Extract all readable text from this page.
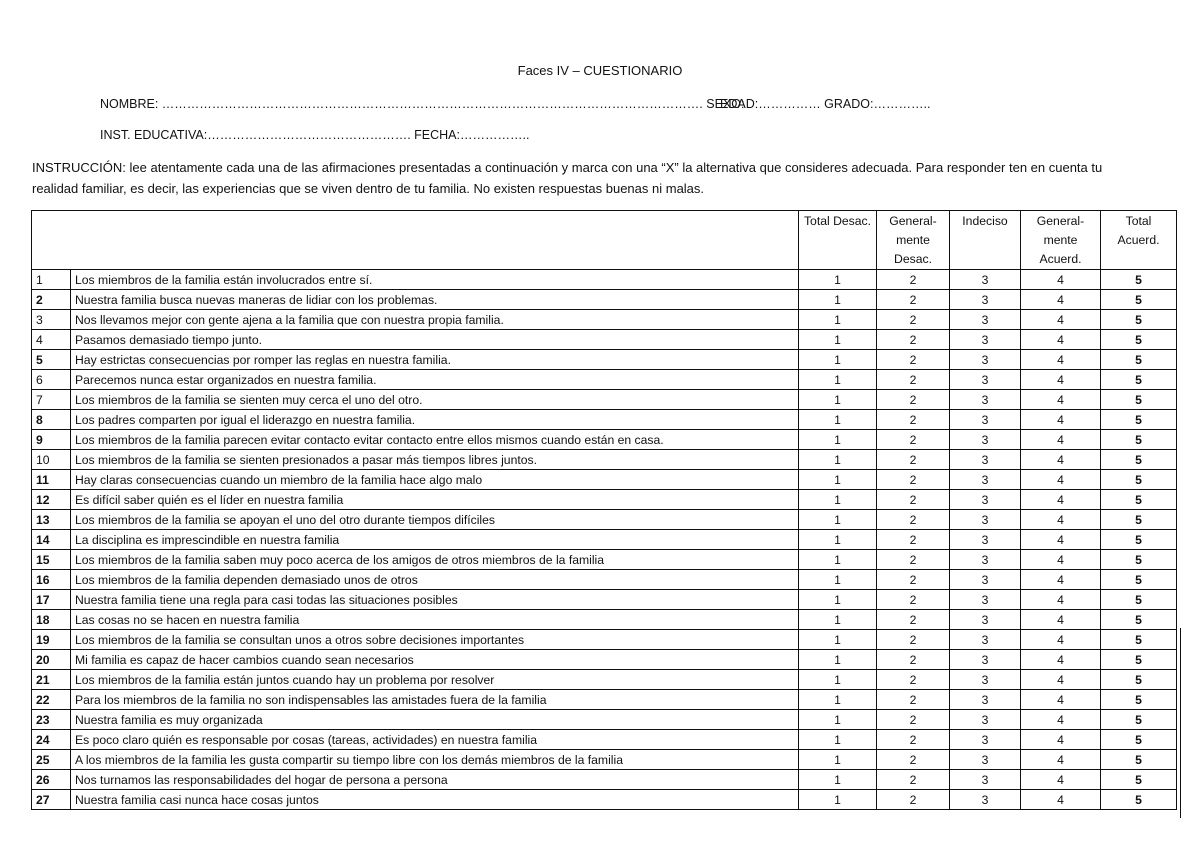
Faces IV – CUESTIONARIO
NOMBRE: …………………………………………………………………………………………………………………. SEXO:
EDAD:…………… GRADO:…………..
INST. EDUCATIVA:…………………………………………. FECHA:……………..
INSTRUCCIÓN: lee atentamente cada una de las afirmaciones presentadas a continuación y marca con una “X” la alternativa que consideres adecuada. Para responder ten en cuenta tu realidad familiar, es decir, las experiencias que se viven dentro de tu familia. No existen respuestas buenas ni malas.
		Total Desac.	General-mente Desac.	Indeciso	General-mente Acuerd.	Total Acuerd.
1	Los miembros de la familia están involucrados entre sí.	1	2	3	4	5
2	Nuestra familia busca nuevas maneras de lidiar con los problemas.	1	2	3	4	5
3	Nos llevamos mejor con gente ajena a la familia que con nuestra propia familia.	1	2	3	4	5
4	Pasamos demasiado tiempo junto.	1	2	3	4	5
5	Hay estrictas consecuencias por romper las reglas en nuestra familia.	1	2	3	4	5
6	Parecemos nunca estar organizados en nuestra familia.	1	2	3	4	5
7	Los miembros de la familia se sienten muy cerca el uno del otro.	1	2	3	4	5
8	Los padres comparten por igual el liderazgo en nuestra familia.	1	2	3	4	5
9	Los miembros de la familia parecen evitar contacto evitar contacto entre ellos mismos cuando están en casa.	1	2	3	4	5
10	Los miembros de la familia se sienten presionados a pasar más tiempos libres juntos.	1	2	3	4	5
11	Hay claras consecuencias cuando un miembro de la familia hace algo malo	1	2	3	4	5
12	Es difícil saber quién es el líder en nuestra familia	1	2	3	4	5
13	Los miembros de la familia se apoyan el uno del otro durante tiempos difíciles	1	2	3	4	5
14	La disciplina es imprescindible en nuestra familia	1	2	3	4	5
15	Los miembros de la familia saben muy poco acerca de los amigos de otros miembros de la familia	1	2	3	4	5
16	Los miembros de la familia dependen demasiado unos de otros	1	2	3	4	5
17	Nuestra familia tiene una regla para casi todas las situaciones posibles	1	2	3	4	5
18	Las cosas no se hacen en nuestra familia	1	2	3	4	5
19	Los miembros de la familia se consultan unos a otros sobre decisiones importantes	1	2	3	4	5
20	Mi familia es capaz de hacer cambios cuando sean necesarios	1	2	3	4	5
21	Los miembros de la familia están juntos cuando hay un problema por resolver	1	2	3	4	5
22	Para los miembros de la familia no son indispensables las amistades fuera de la familia	1	2	3	4	5
23	Nuestra familia es muy organizada	1	2	3	4	5
24	Es poco claro quién es responsable por cosas (tareas, actividades) en nuestra familia	1	2	3	4	5
25	A los miembros de la familia les gusta compartir su tiempo libre con los demás miembros de la familia	1	2	3	4	5
26	Nos turnamos las responsabilidades del hogar de persona a persona	1	2	3	4	5
27	Nuestra familia casi nunca hace cosas juntos	1	2	3	4	5
